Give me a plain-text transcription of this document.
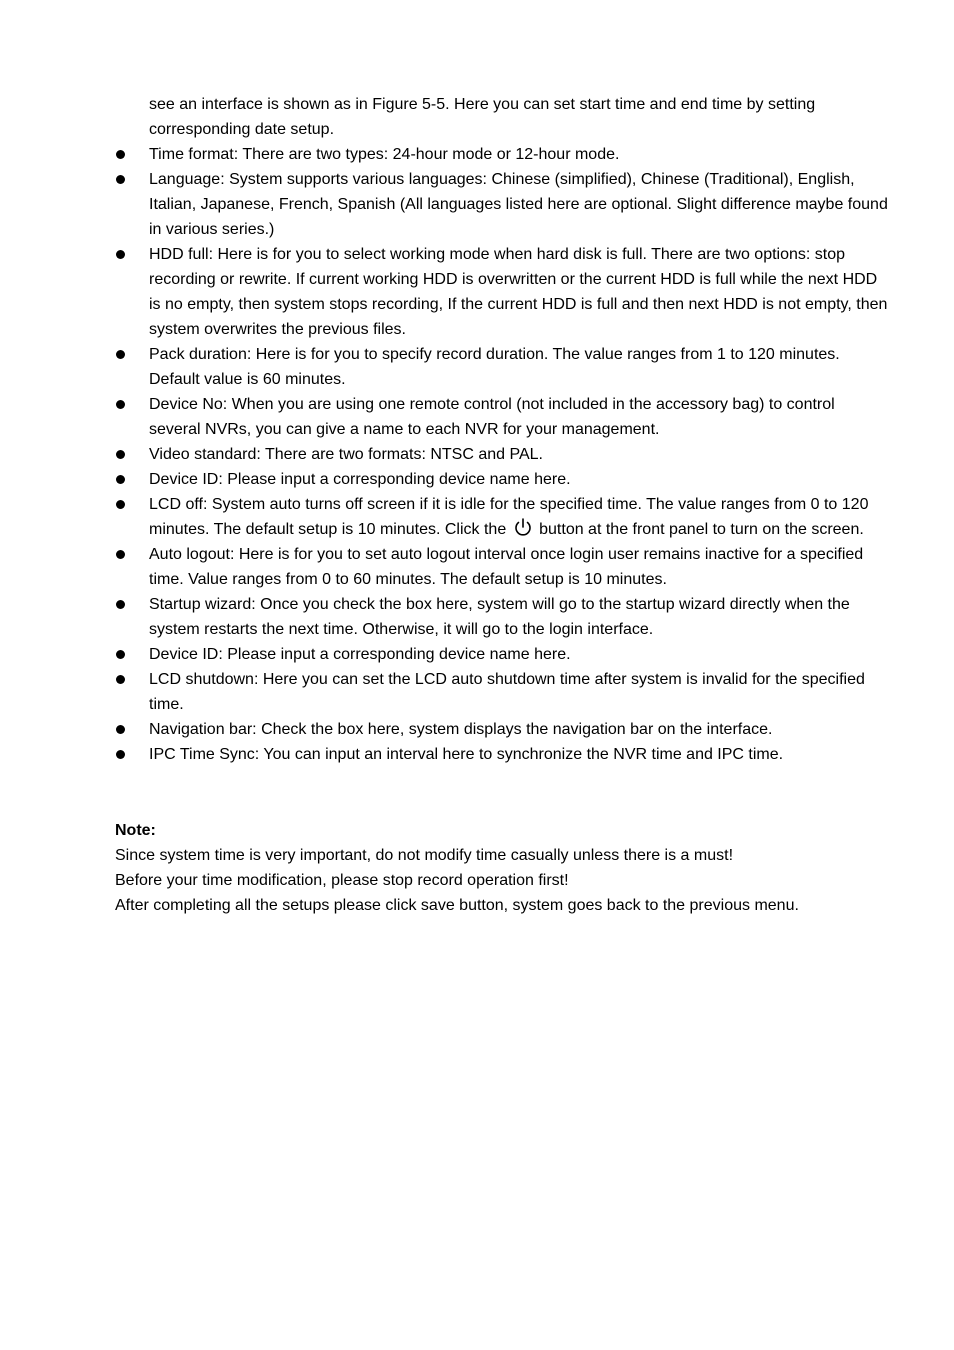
see an interface is shown as in Figure 5-5. Here you can set start time and end time by setting corresponding date setup.

Time format: There are two types: 24-hour mode or 12-hour mode.
Language: System supports various languages: Chinese (simplified), Chinese (Traditional), English, Italian, Japanese, French, Spanish (All languages listed here are optional. Slight difference maybe found in various series.)
HDD full: Here is for you to select working mode when hard disk is full. There are two options: stop recording or rewrite. If current working HDD is overwritten or the current HDD is full while the next HDD is no empty, then system stops recording, If the current HDD is full and then next HDD is not empty, then system overwrites the previous files.
Pack duration: Here is for you to specify record duration. The value ranges from 1 to 120 minutes. Default value is 60 minutes.
Device No: When you are using one remote control (not included in the accessory bag) to control several NVRs, you can give a name to each NVR for your management.
Video standard: There are two formats: NTSC and PAL.
Device ID: Please input a corresponding device name here.
LCD off: System auto turns off screen if it is idle for the specified time. The value ranges from 0 to 120 minutes. The default setup is 10 minutes. Click the button at the front panel to turn on the screen.
Auto logout: Here is for you to set auto logout interval once login user remains inactive for a specified time. Value ranges from 0 to 60 minutes. The default setup is 10 minutes.
Startup wizard: Once you check the box here, system will go to the startup wizard directly when the system restarts the next time. Otherwise, it will go to the login interface.
Device ID: Please input a corresponding device name here.
LCD shutdown: Here you can set the LCD auto shutdown time after system is invalid for the specified time.
Navigation bar: Check the box here, system displays the navigation bar on the interface.
IPC Time Sync: You can input an interval here to synchronize the NVR time and IPC time.
Note:
Since system time is very important, do not modify time casually unless there is a must!
Before your time modification, please stop record operation first!
After completing all the setups please click save button, system goes back to the previous menu.
